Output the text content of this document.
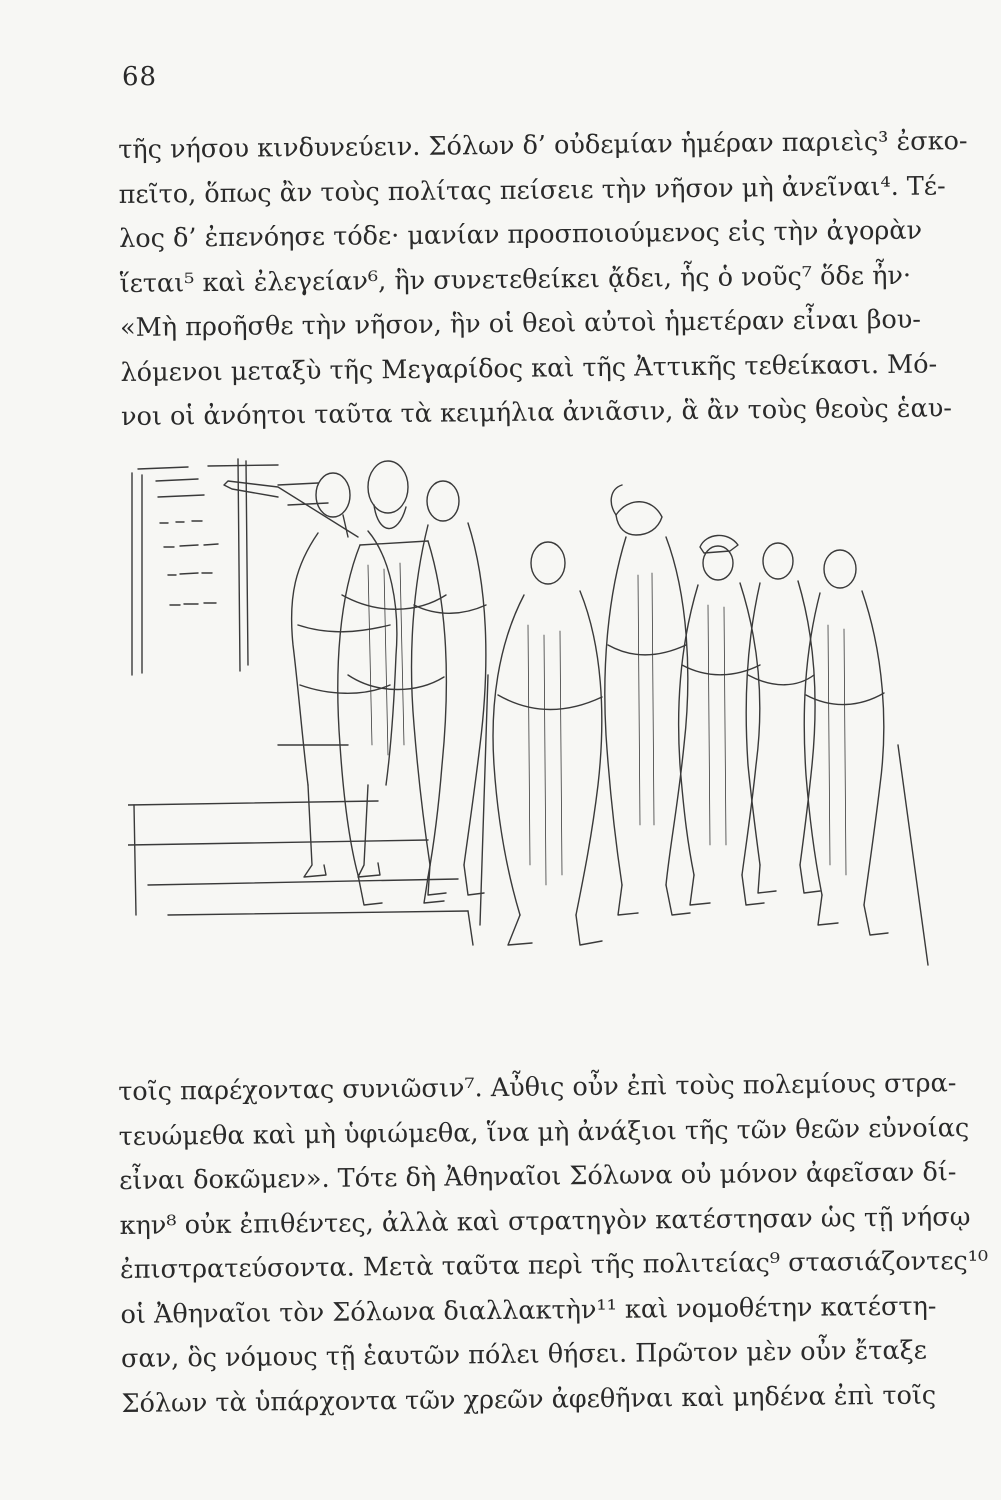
68
τῆς νήσου κινδυνεύειν. Σόλων δ’ οὐδεμίαν ἡμέραν παριεὶς³ ἐσκο-
πεῖτο, ὅπως ἂν τοὺς πολίτας πείσειε τὴν νῆσον μὴ ἀνεῖναι⁴. Τέ-
λος δ’ ἐπενόησε τόδε· μανίαν προσποιούμενος εἰς τὴν ἀγορὰν
ἵεται⁵ καὶ ἐλεγείαν⁶, ἣν συνετεθείκει ᾄδει, ἧς ὁ νοῦς⁷ ὅδε ἦν·
«Μὴ προῆσθε τὴν νῆσον, ἣν οἱ θεοὶ αὐτοὶ ἡμετέραν εἶναι βου-
λόμενοι μεταξὺ τῆς Μεγαρίδος καὶ τῆς Ἀττικῆς τεθείκασι. Μό-
νοι οἱ ἀνόητοι ταῦτα τὰ κειμήλια ἀνιᾶσιν, ἃ ἂν τοὺς θεοὺς ἑαυ-
τοῖς παρέχοντας συνιῶσιν⁷. Αὖθις οὖν ἐπὶ τοὺς πολεμίους στρα-
τευώμεθα καὶ μὴ ὑφιώμεθα, ἵνα μὴ ἀνάξιοι τῆς τῶν θεῶν εὐνοίας
εἶναι δοκῶμεν». Τότε δὴ Ἀθηναῖοι Σόλωνα οὐ μόνον ἀφεῖσαν δί-
κην⁸ οὐκ ἐπιθέντες, ἀλλὰ καὶ στρατηγὸν κατέστησαν ὡς τῇ νήσῳ
ἐπιστρατεύσοντα. Μετὰ ταῦτα περὶ τῆς πολιτείας⁹ στασιάζοντες¹⁰
οἱ Ἀθηναῖοι τὸν Σόλωνα διαλλακτὴν¹¹ καὶ νομοθέτην κατέστη-
σαν, ὃς νόμους τῇ ἑαυτῶν πόλει θήσει. Πρῶτον μὲν οὖν ἔταξε
Σόλων τὰ ὑπάρχοντα τῶν χρεῶν ἀφεθῆναι καὶ μηδένα ἐπὶ τοῖς
